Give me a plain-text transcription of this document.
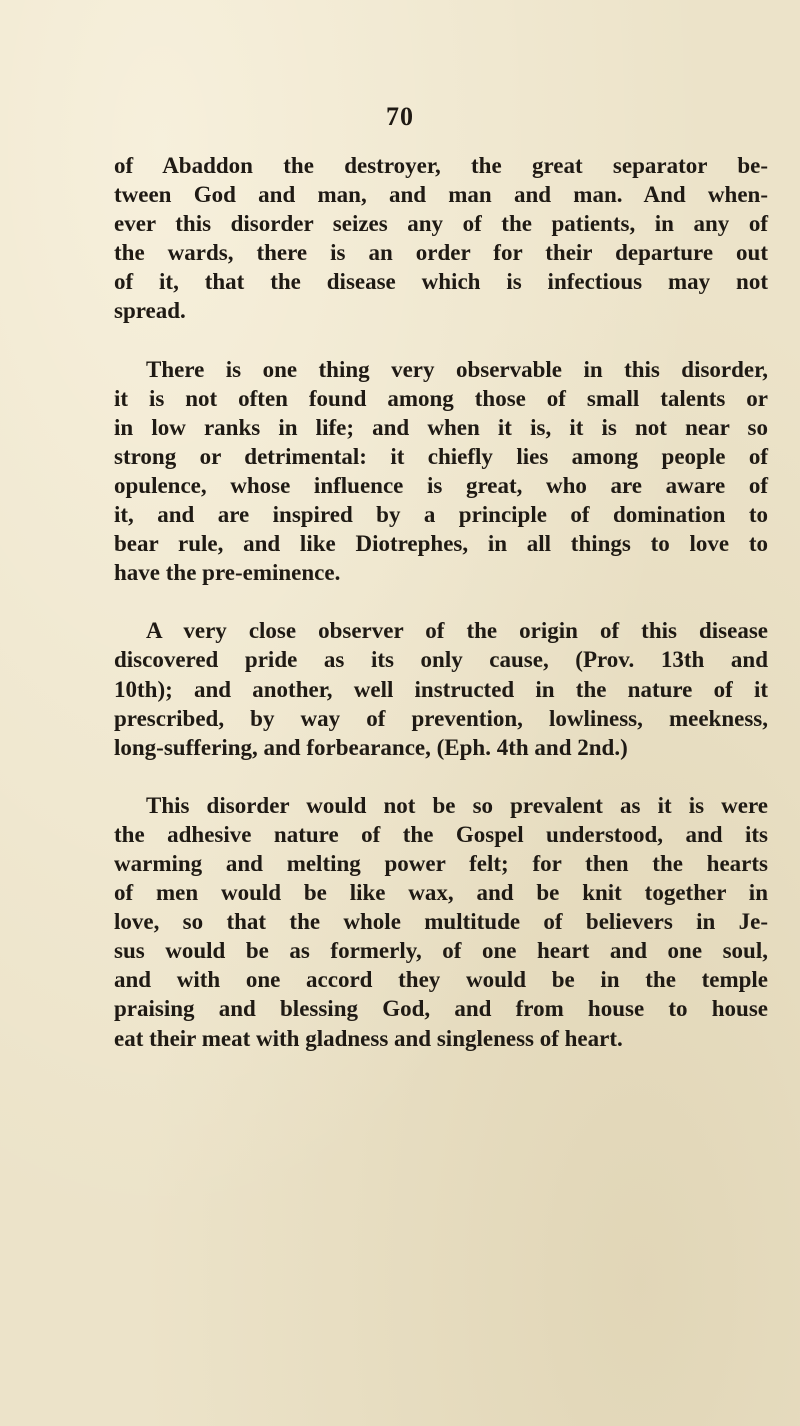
70
of Abaddon the destroyer, the great separator be-
tween God and man, and man and man. And when-
ever this disorder seizes any of the patients, in any of
the wards, there is an order for their departure out
of it, that the disease which is infectious may not
spread.
There is one thing very observable in this disorder,
it is not often found among those of small talents or
in low ranks in life; and when it is, it is not near so
strong or detrimental: it chiefly lies among people of
opulence, whose influence is great, who are aware of
it, and are inspired by a principle of domination to
bear rule, and like Diotrephes, in all things to love to
have the pre-eminence.
A very close observer of the origin of this disease
discovered pride as its only cause, (Prov. 13th and
10th); and another, well instructed in the nature of it
prescribed, by way of prevention, lowliness, meekness,
long-suffering, and forbearance, (Eph. 4th and 2nd.)
This disorder would not be so prevalent as it is were
the adhesive nature of the Gospel understood, and its
warming and melting power felt; for then the hearts
of men would be like wax, and be knit together in
love, so that the whole multitude of believers in Je-
sus would be as formerly, of one heart and one soul,
and with one accord they would be in the temple
praising and blessing God, and from house to house
eat their meat with gladness and singleness of heart.
